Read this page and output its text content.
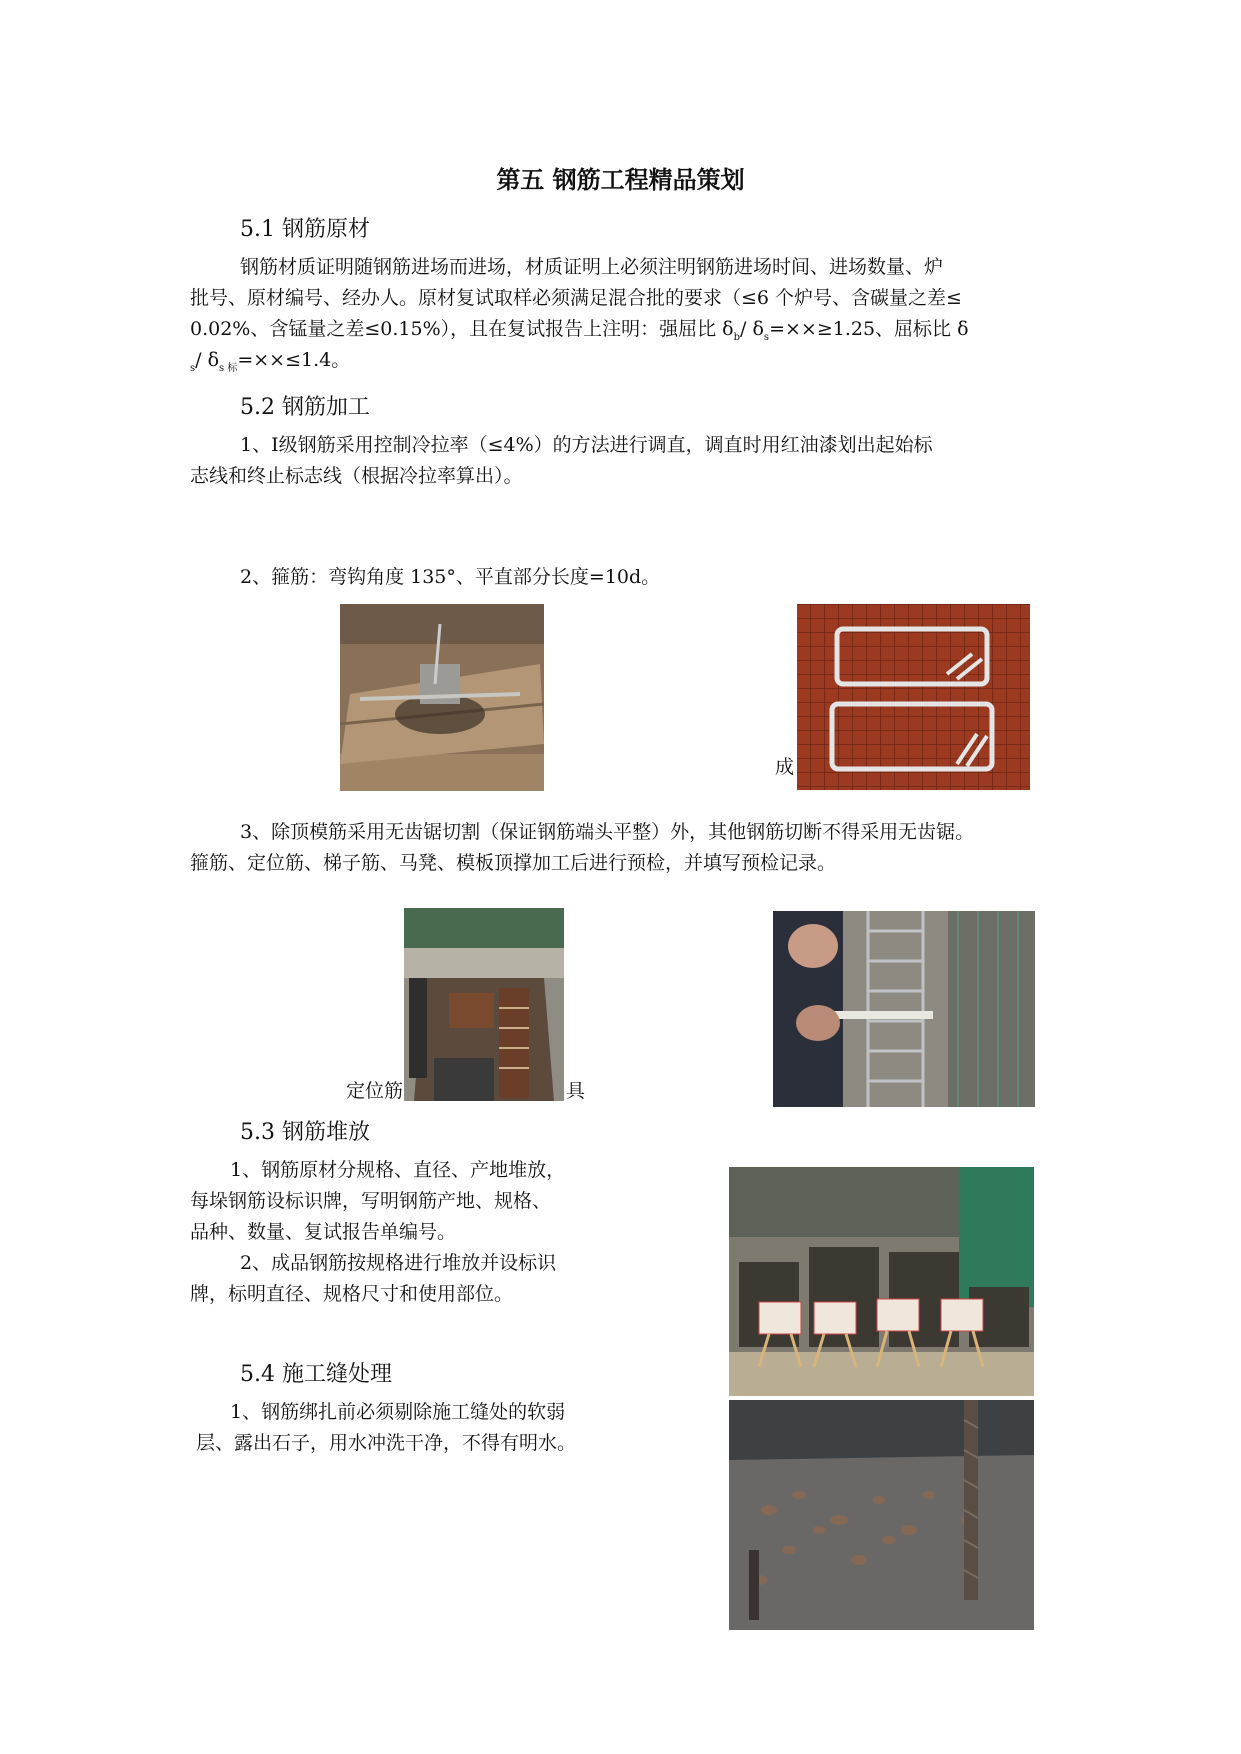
第五 钢筋工程精品策划
5.1 钢筋原材
钢筋材质证明随钢筋进场而进场，材质证明上必须注明钢筋进场时间、进场数量、炉
批号、原材编号、经办人。原材复试取样必须满足混合批的要求（≤6 个炉号、含碳量之差≤
0.02%、含锰量之差≤0.15%），且在复试报告上注明：强屈比 $\delta_b/$ $\delta_s=\times\times\ge 1.25$、屈标比 δ
$_s$/ $\delta_{s 标}=\times\times\le 1.4$。
5.2 钢筋加工
1、Ⅰ级钢筋采用控制冷拉率（≤4%）的方法进行调直，调直时用红油漆划出起始标
志线和终止标志线（根据冷拉率算出）。
2、箍筋：弯钩角度 135°、平直部分长度=10d。
成
3、除顶模筋采用无齿锯切割（保证钢筋端头平整）外，其他钢筋切断不得采用无齿锯。
箍筋、定位筋、梯子筋、马凳、模板顶撑加工后进行预检，并填写预检记录。
定位筋	具
5.3 钢筋堆放
1、钢筋原材分规格、直径、产地堆放，
每垛钢筋设标识牌，写明钢筋产地、规格、
品种、数量、复试报告单编号。
2、成品钢筋按规格进行堆放并设标识
牌，标明直径、规格尺寸和使用部位。
5.4 施工缝处理
1、钢筋绑扎前必须剔除施工缝处的软弱
层、露出石子，用水冲洗干净，不得有明水。
